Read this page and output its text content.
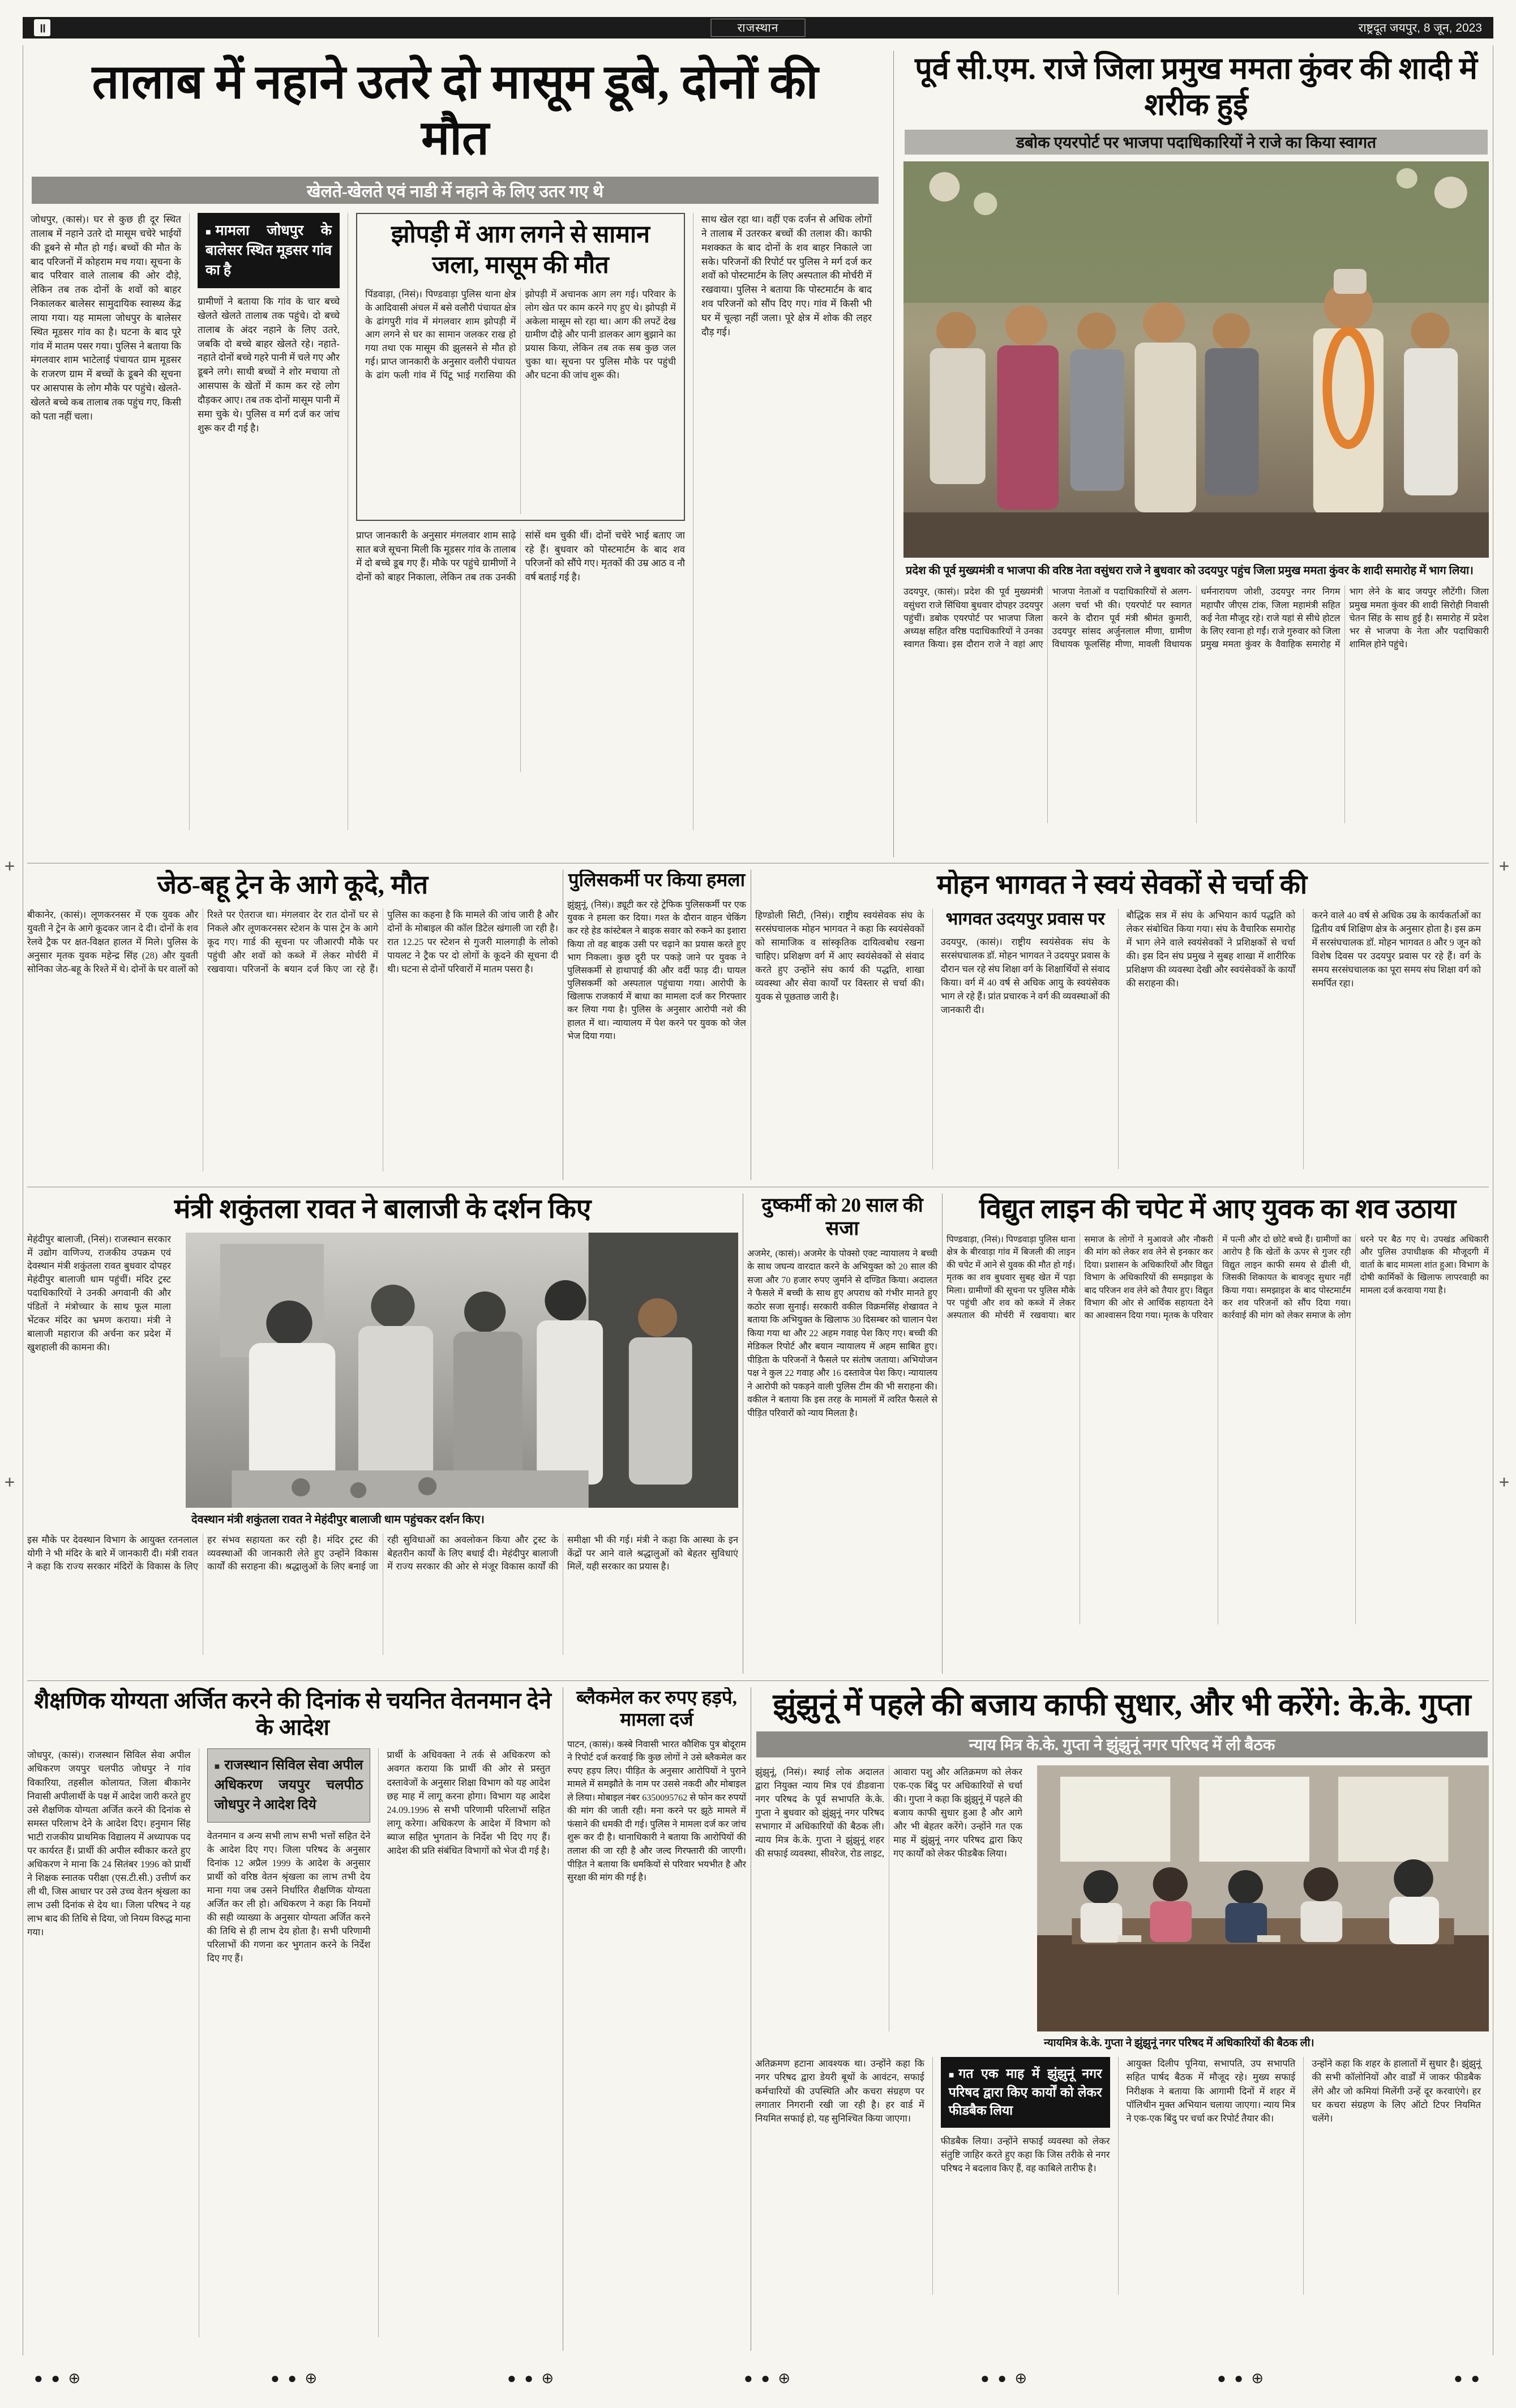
॥	राजस्थान	राष्ट्रदूत जयपुर, 8 जून, 2023
तालाब में नहाने उतरे दो मासूम डूबे, दोनों की मौत
खेलते-खेलते एवं नाडी में नहाने के लिए उतर गए थे
जोधपुर, (कासं)। घर से कुछ ही दूर स्थित तालाब में नहाने उतरे दो मासूम चचेरे भाईयों की डूबने से मौत हो गई। बच्चों की मौत के बाद परिजनों में कोहराम मच गया। सूचना के बाद परिवार वाले तालाब की ओर दौड़े, लेकिन तब तक दोनों के शवों को बाहर निकालकर बालेसर सामुदायिक स्वास्थ्य केंद्र लाया गया। यह मामला जोधपुर के बालेसर स्थित मूडसर गांव का है। घटना के बाद पूरे गांव में मातम पसर गया। पुलिस ने बताया कि मंगलवार शाम भाटेलाई पंचायत ग्राम मूडसर के राजरण ग्राम में बच्चों के डूबने की सूचना पर आसपास के लोग मौके पर पहुंचे। खेलते-खेलते बच्चे कब तालाब तक पहुंच गए, किसी को पता नहीं चला।
■ मामला जोधपुर के बालेसर स्थित मूडसर गांव का है
ग्रामीणों ने बताया कि गांव के चार बच्चे खेलते खेलते तालाब तक पहुंचे। दो बच्चे तालाब के अंदर नहाने के लिए उतरे, जबकि दो बच्चे बाहर खेलते रहे। नहाते-नहाते दोनों बच्चे गहरे पानी में चले गए और डूबने लगे। साथी बच्चों ने शोर मचाया तो आसपास के खेतों में काम कर रहे लोग दौड़कर आए। तब तक दोनों मासूम पानी में समा चुके थे। पुलिस व मर्ग दर्ज कर जांच शुरू कर दी गई है।
झोपड़ी में आग लगने से सामान जला, मासूम की मौत
पिंडवाड़ा, (निसं)। पिण्डवाड़ा पुलिस थाना क्षेत्र के आदिवासी अंचल में बसे वलौरी पंचायत क्षेत्र के ढांगपुरी गांव में मंगलवार शाम झोपड़ी में आग लगने से घर का सामान जलकर राख हो गया तथा एक मासूम की झुलसने से मौत हो गई। प्राप्त जानकारी के अनुसार वलौरी पंचायत के ढांग फली गांव में पिंटू भाई गरासिया की झोपड़ी में अचानक आग लग गई। परिवार के लोग खेत पर काम करने गए हुए थे। झोपड़ी में अकेला मासूम सो रहा था। आग की लपटें देख ग्रामीण दौड़े और पानी डालकर आग बुझाने का प्रयास किया, लेकिन तब तक सब कुछ जल चुका था। सूचना पर पुलिस मौके पर पहुंची और घटना की जांच शुरू की।
प्राप्त जानकारी के अनुसार मंगलवार शाम साढ़े सात बजे सूचना मिली कि मूडसर गांव के तालाब में दो बच्चे डूब गए हैं। मौके पर पहुंचे ग्रामीणों ने दोनों को बाहर निकाला, लेकिन तब तक उनकी सांसें थम चुकी थीं। दोनों चचेरे भाई बताए जा रहे हैं। बुधवार को पोस्टमार्टम के बाद शव परिजनों को सौंपे गए। मृतकों की उम्र आठ व नौ वर्ष बताई गई है।
साथ खेल रहा था। वहीं एक दर्जन से अधिक लोगों ने तालाब में उतरकर बच्चों की तलाश की। काफी मशक्कत के बाद दोनों के शव बाहर निकाले जा सके। परिजनों की रिपोर्ट पर पुलिस ने मर्ग दर्ज कर शवों को पोस्टमार्टम के लिए अस्पताल की मोर्चरी में रखवाया। पुलिस ने बताया कि पोस्टमार्टम के बाद शव परिजनों को सौंप दिए गए। गांव में किसी भी घर में चूल्हा नहीं जला। पूरे क्षेत्र में शोक की लहर दौड़ गई।
पूर्व सी.एम. राजे जिला प्रमुख ममता कुंवर की शादी में शरीक हुई
डबोक एयरपोर्ट पर भाजपा पदाधिकारियों ने राजे का किया स्वागत
प्रदेश की पूर्व मुख्यमंत्री व भाजपा की वरिष्ठ नेता वसुंधरा राजे ने बुधवार को उदयपुर पहुंच जिला प्रमुख ममता कुंवर के शादी समारोह में भाग लिया।
उदयपुर, (कासं)। प्रदेश की पूर्व मुख्यमंत्री वसुंधरा राजे सिंधिया बुधवार दोपहर उदयपुर पहुंचीं। डबोक एयरपोर्ट पर भाजपा जिला अध्यक्ष सहित वरिष्ठ पदाधिकारियों ने उनका स्वागत किया। इस दौरान राजे ने वहां आए भाजपा नेताओं व पदाधिकारियों से अलग-अलग चर्चा भी की। एयरपोर्ट पर स्वागत करने के दौरान पूर्व मंत्री श्रीमंत कुमारी, उदयपुर सांसद अर्जुनलाल मीणा, ग्रामीण विधायक फूलसिंह मीणा, मावली विधायक धर्मनारायण जोशी, उदयपुर नगर निगम महापौर जीएस टांक, जिला महामंत्री सहित कई नेता मौजूद रहे। राजे यहां से सीधे होटल के लिए रवाना हो गईं। राजे गुरुवार को जिला प्रमुख ममता कुंवर के वैवाहिक समारोह में भाग लेने के बाद जयपुर लौटेंगी। जिला प्रमुख ममता कुंवर की शादी सिरोही निवासी चेतन सिंह के साथ हुई है। समारोह में प्रदेश भर से भाजपा के नेता और पदाधिकारी शामिल होने पहुंचे।
जेठ-बहू ट्रेन के आगे कूदे, मौत
बीकानेर, (कासं)। लूणकरनसर में एक युवक और युवती ने ट्रेन के आगे कूदकर जान दे दी। दोनों के शव रेलवे ट्रैक पर क्षत-विक्षत हालत में मिले। पुलिस के अनुसार मृतक युवक महेन्द्र सिंह (28) और युवती सोनिका जेठ-बहू के रिश्ते में थे। दोनों के घर वालों को रिश्ते पर ऐतराज था। मंगलवार देर रात दोनों घर से निकले और लूणकरनसर स्टेशन के पास ट्रेन के आगे कूद गए। गार्ड की सूचना पर जीआरपी मौके पर पहुंची और शवों को कब्जे में लेकर मोर्चरी में रखवाया। परिजनों के बयान दर्ज किए जा रहे हैं। पुलिस का कहना है कि मामले की जांच जारी है और दोनों के मोबाइल की कॉल डिटेल खंगाली जा रही है। रात 12.25 पर स्टेशन से गुजरी मालगाड़ी के लोको पायलट ने ट्रैक पर दो लोगों के कूदने की सूचना दी थी। घटना से दोनों परिवारों में मातम पसरा है।
पुलिसकर्मी पर किया हमला
झुंझुनूं, (निसं)। ड्यूटी कर रहे ट्रेफिक पुलिसकर्मी पर एक युवक ने हमला कर दिया। गश्त के दौरान वाहन चेकिंग कर रहे हेड कांस्टेबल ने बाइक सवार को रुकने का इशारा किया तो वह बाइक उसी पर चढ़ाने का प्रयास करते हुए भाग निकला। कुछ दूरी पर पकड़े जाने पर युवक ने पुलिसकर्मी से हाथापाई की और वर्दी फाड़ दी। घायल पुलिसकर्मी को अस्पताल पहुंचाया गया। आरोपी के खिलाफ राजकार्य में बाधा का मामला दर्ज कर गिरफ्तार कर लिया गया है। पुलिस के अनुसार आरोपी नशे की हालत में था। न्यायालय में पेश करने पर युवक को जेल भेज दिया गया।
मोहन भागवत ने स्वयं सेवकों से चर्चा की
हिण्डोली सिटी, (निसं)। राष्ट्रीय स्वयंसेवक संघ के सरसंघचालक मोहन भागवत ने कहा कि स्वयंसेवकों को सामाजिक व सांस्कृतिक दायित्वबोध रखना चाहिए। प्रशिक्षण वर्ग में आए स्वयंसेवकों से संवाद करते हुए उन्होंने संघ कार्य की पद्धति, शाखा व्यवस्था और सेवा कार्यों पर विस्तार से चर्चा की। युवक से पूछताछ जारी है।
भागवत उदयपुर प्रवास पर
उदयपुर, (कासं)। राष्ट्रीय स्वयंसेवक संघ के सरसंघचालक डॉ. मोहन भागवत ने उदयपुर प्रवास के दौरान चल रहे संघ शिक्षा वर्ग के शिक्षार्थियों से संवाद किया। वर्ग में 40 वर्ष से अधिक आयु के स्वयंसेवक भाग ले रहे हैं। प्रांत प्रचारक ने वर्ग की व्यवस्थाओं की जानकारी दी।
बौद्धिक सत्र में संघ के अभियान कार्य पद्धति को लेकर संबोधित किया गया। संघ के वैचारिक समारोह में भाग लेने वाले स्वयंसेवकों ने प्रशिक्षकों से चर्चा की। इस दिन संघ प्रमुख ने सुबह शाखा में शारीरिक प्रशिक्षण की व्यवस्था देखी और स्वयंसेवकों के कार्यों की सराहना की।
करने वाले 40 वर्ष से अधिक उम्र के कार्यकर्ताओं का द्वितीय वर्ष शिक्षिण क्षेत्र के अनुसार होता है। इस क्रम में सरसंघचालक डॉ. मोहन भागवत 8 और 9 जून को विशेष दिवस पर उदयपुर प्रवास पर रहे हैं। वर्ग के समय सरसंघचालक का पूरा समय संघ शिक्षा वर्ग को समर्पित रहा।
मंत्री शकुंतला रावत ने बालाजी के दर्शन किए
मेहंदीपुर बालाजी, (निसं)। राजस्थान सरकार में उद्योग वाणिज्य, राजकीय उपक्रम एवं देवस्थान मंत्री शकुंतला रावत बुधवार दोपहर मेहंदीपुर बालाजी धाम पहुंचीं। मंदिर ट्रस्ट पदाधिकारियों ने उनकी अगवानी की और पंडितों ने मंत्रोच्चार के साथ फूल माला भेंटकर मंदिर का भ्रमण कराया। मंत्री ने बालाजी महाराज की अर्चना कर प्रदेश में खुशहाली की कामना की।
देवस्थान मंत्री शकुंतला रावत ने मेहंदीपुर बालाजी धाम पहुंचकर दर्शन किए।
इस मौके पर देवस्थान विभाग के आयुक्त रतनलाल योगी ने भी मंदिर के बारे में जानकारी दी। मंत्री रावत ने कहा कि राज्य सरकार मंदिरों के विकास के लिए हर संभव सहायता कर रही है। मंदिर ट्रस्ट की व्यवस्थाओं की जानकारी लेते हुए उन्होंने विकास कार्यों की सराहना की। श्रद्धालुओं के लिए बनाई जा रही सुविधाओं का अवलोकन किया और ट्रस्ट के बेहतरीन कार्यों के लिए बधाई दी। मेहंदीपुर बालाजी में राज्य सरकार की ओर से मंजूर विकास कार्यों की समीक्षा भी की गई। मंत्री ने कहा कि आस्था के इन केंद्रों पर आने वाले श्रद्धालुओं को बेहतर सुविधाएं मिलें, यही सरकार का प्रयास है।
दुष्कर्मी को 20 साल की सजा
अजमेर, (कासं)। अजमेर के पोक्सो एक्ट न्यायालय ने बच्ची के साथ जघन्य वारदात करने के अभियुक्त को 20 साल की सजा और 70 हजार रुपए जुर्माने से दण्डित किया। अदालत ने फैसले में बच्ची के साथ हुए अपराध को गंभीर मानते हुए कठोर सजा सुनाई। सरकारी वकील विक्रमसिंह शेखावत ने बताया कि अभियुक्त के खिलाफ 30 दिसम्बर को चालान पेश किया गया था और 22 अहम गवाह पेश किए गए। बच्ची की मेडिकल रिपोर्ट और बयान न्यायालय में अहम साबित हुए। पीड़िता के परिजनों ने फैसले पर संतोष जताया। अभियोजन पक्ष ने कुल 22 गवाह और 16 दस्तावेज पेश किए। न्यायालय ने आरोपी को पकड़ने वाली पुलिस टीम की भी सराहना की। वकील ने बताया कि इस तरह के मामलों में त्वरित फैसले से पीड़ित परिवारों को न्याय मिलता है।
विद्युत लाइन की चपेट में आए युवक का शव उठाया
पिण्डवाड़ा, (निसं)। पिण्डवाड़ा पुलिस थाना क्षेत्र के बीरवाड़ा गांव में बिजली की लाइन की चपेट में आने से युवक की मौत हो गई। मृतक का शव बुधवार सुबह खेत में पड़ा मिला। ग्रामीणों की सूचना पर पुलिस मौके पर पहुंची और शव को कब्जे में लेकर अस्पताल की मोर्चरी में रखवाया। बार समाज के लोगों ने मुआवजे और नौकरी की मांग को लेकर शव लेने से इनकार कर दिया। प्रशासन के अधिकारियों और विद्युत विभाग के अधिकारियों की समझाइश के बाद परिजन शव लेने को तैयार हुए। विद्युत विभाग की ओर से आर्थिक सहायता देने का आश्वासन दिया गया। मृतक के परिवार में पत्नी और दो छोटे बच्चे हैं। ग्रामीणों का आरोप है कि खेतों के ऊपर से गुजर रही विद्युत लाइन काफी समय से ढीली थी, जिसकी शिकायत के बावजूद सुधार नहीं किया गया। समझाइश के बाद पोस्टमार्टम कर शव परिजनों को सौंप दिया गया। कार्रवाई की मांग को लेकर समाज के लोग धरने पर बैठ गए थे। उपखंड अधिकारी और पुलिस उपाधीक्षक की मौजूदगी में वार्ता के बाद मामला शांत हुआ। विभाग के दोषी कार्मिकों के खिलाफ लापरवाही का मामला दर्ज करवाया गया है।
शैक्षणिक योग्यता अर्जित करने की दिनांक से चयनित वेतनमान देने के आदेश
जोधपुर, (कासं)। राजस्थान सिविल सेवा अपील अधिकरण जयपुर चलपीठ जोधपुर ने गांव विकारिया, तहसील कोलायत, जिला बीकानेर निवासी अपीलार्थी के पक्ष में आदेश जारी करते हुए उसे शैक्षणिक योग्यता अर्जित करने की दिनांक से समस्त परिलाभ देने के आदेश दिए। हनुमान सिंह भाटी राजकीय प्राथमिक विद्यालय में अध्यापक पद पर कार्यरत हैं। प्रार्थी की अपील स्वीकार करते हुए अधिकरण ने माना कि 24 सितंबर 1996 को प्रार्थी ने शिक्षक स्नातक परीक्षा (एस.टी.सी.) उत्तीर्ण कर ली थी, जिस आधार पर उसे उच्च वेतन श्रृंखला का लाभ उसी दिनांक से देय था। जिला परिषद ने यह लाभ बाद की तिथि से दिया, जो नियम विरुद्ध माना गया।
■ राजस्थान सिविल सेवा अपील अधिकरण जयपुर चलपीठ जोधपुर ने आदेश दिये
वेतनमान व अन्य सभी लाभ सभी भत्तों सहित देने के आदेश दिए गए। जिला परिषद के अनुसार दिनांक 12 अप्रैल 1999 के आदेश के अनुसार प्रार्थी को वरिष्ठ वेतन श्रृंखला का लाभ तभी देय माना गया जब उसने निर्धारित शैक्षणिक योग्यता अर्जित कर ली हो। अधिकरण ने कहा कि नियमों की सही व्याख्या के अनुसार योग्यता अर्जित करने की तिथि से ही लाभ देय होता है। सभी परिणामी परिलाभों की गणना कर भुगतान करने के निर्देश दिए गए हैं।
प्रार्थी के अधिवक्ता ने तर्क से अधिकरण को अवगत कराया कि प्रार्थी की ओर से प्रस्तुत दस्तावेजों के अनुसार शिक्षा विभाग को यह आदेश छह माह में लागू करना होगा। विभाग यह आदेश 24.09.1996 से सभी परिणामी परिलाभों सहित लागू करेगा। अधिकरण के आदेश में विभाग को ब्याज सहित भुगतान के निर्देश भी दिए गए हैं। आदेश की प्रति संबंधित विभागों को भेज दी गई है।
ब्लैकमेल कर रुपए हड़पे, मामला दर्ज
पाटन, (कासं)। कस्बे निवासी भारत कौशिक पुत्र बोदूराम ने रिपोर्ट दर्ज करवाई कि कुछ लोगों ने उसे ब्लैकमेल कर रुपए हड़प लिए। पीड़ित के अनुसार आरोपियों ने पुराने मामले में समझौते के नाम पर उससे नकदी और मोबाइल ले लिया। मोबाइल नंबर 6350095762 से फोन कर रुपयों की मांग की जाती रही। मना करने पर झूठे मामले में फंसाने की धमकी दी गई। पुलिस ने मामला दर्ज कर जांच शुरू कर दी है। थानाधिकारी ने बताया कि आरोपियों की तलाश की जा रही है और जल्द गिरफ्तारी की जाएगी। पीड़ित ने बताया कि धमकियों से परिवार भयभीत है और सुरक्षा की मांग की गई है।
झुंझुनूं में पहले की बजाय काफी सुधार, और भी करेंगे: के.के. गुप्ता
न्याय मित्र के.के. गुप्ता ने झुंझुनूं नगर परिषद में ली बैठक
झुंझुनूं, (निसं)। स्थाई लोक अदालत द्वारा नियुक्त न्याय मित्र एवं डीडवाना नगर परिषद के पूर्व सभापति के.के. गुप्ता ने बुधवार को झुंझुनूं नगर परिषद सभागार में अधिकारियों की बैठक ली। न्याय मित्र के.के. गुप्ता ने झुंझुनूं शहर की सफाई व्यवस्था, सीवरेज, रोड लाइट, आवारा पशु और अतिक्रमण को लेकर एक-एक बिंदु पर अधिकारियों से चर्चा की। गुप्ता ने कहा कि झुंझुनूं में पहले की बजाय काफी सुधार हुआ है और आगे और भी बेहतर करेंगे। उन्होंने गत एक माह में झुंझुनूं नगर परिषद द्वारा किए गए कार्यों को लेकर फीडबैक लिया।
न्यायमित्र के.के. गुप्ता ने झुंझुनूं नगर परिषद में अधिकारियों की बैठक ली।
अतिक्रमण हटाना आवश्यक था। उन्होंने कहा कि नगर परिषद द्वारा डेयरी बूथों के आवंटन, सफाई कर्मचारियों की उपस्थिति और कचरा संग्रहण पर लगातार निगरानी रखी जा रही है। हर वार्ड में नियमित सफाई हो, यह सुनिश्चित किया जाएगा।
■ गत एक माह में झुंझुनूं नगर परिषद द्वारा किए कार्यों को लेकर फीडबैक लिया
फीडबैक लिया। उन्होंने सफाई व्यवस्था को लेकर संतुष्टि जाहिर करते हुए कहा कि जिस तरीके से नगर परिषद ने बदलाव किए हैं, वह काबिले तारीफ है।
आयुक्त दिलीप पूनिया, सभापति, उप सभापति सहित पार्षद बैठक में मौजूद रहे। मुख्य सफाई निरीक्षक ने बताया कि आगामी दिनों में शहर में पॉलिथीन मुक्त अभियान चलाया जाएगा। न्याय मित्र ने एक-एक बिंदु पर चर्चा कर रिपोर्ट तैयार की।
उन्होंने कहा कि शहर के हालातों में सुधार है। झुंझुनूं की सभी कॉलोनियों और वार्डों में जाकर फीडबैक लेंगे और जो कमियां मिलेंगी उन्हें दूर करवाएंगे। हर घर कचरा संग्रहण के लिए ऑटो टिपर नियमित चलेंगे।
+	+
+	+
● ● ⊕	● ● ⊕	● ● ⊕	● ● ⊕	● ● ⊕	● ● ⊕	● ●
